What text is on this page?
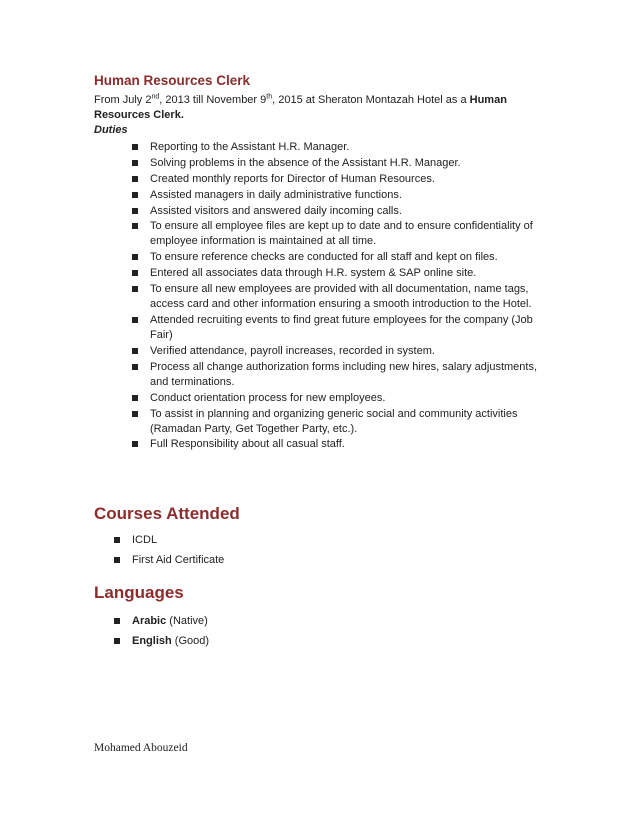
Human Resources Clerk
From July 2nd, 2013 till November 9th, 2015 at Sheraton Montazah Hotel as a Human Resources Clerk.
Duties
Reporting to the Assistant H.R. Manager.
Solving problems in the absence of the Assistant H.R. Manager.
Created monthly reports for Director of Human Resources.
Assisted managers in daily administrative functions.
Assisted visitors and answered daily incoming calls.
To ensure all employee files are kept up to date and to ensure confidentiality of employee information is maintained at all time.
To ensure reference checks are conducted for all staff and kept on files.
Entered all associates data through H.R. system & SAP online site.
To ensure all new employees are provided with all documentation, name tags, access card and other information ensuring a smooth introduction to the Hotel.
Attended recruiting events to find great future employees for the company (Job Fair)
Verified attendance, payroll increases, recorded in system.
Process all change authorization forms including new hires, salary adjustments, and terminations.
Conduct orientation process for new employees.
To assist in planning and organizing generic social and community activities (Ramadan Party, Get Together Party, etc.).
Full Responsibility about all casual staff.
Courses Attended
ICDL
First Aid Certificate
Languages
Arabic (Native)
English (Good)
Mohamed Abouzeid
